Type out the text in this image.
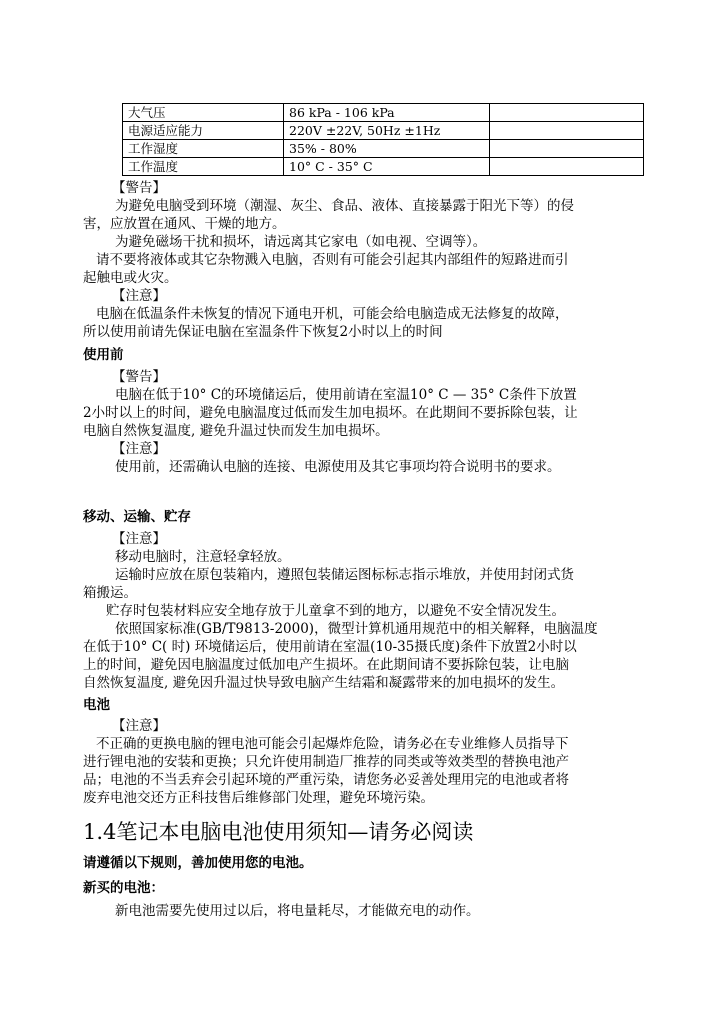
大气压	86 kPa - 106 kPa	
电源适应能力	220V ±22V, 50Hz ±1Hz	
工作湿度	35% - 80%	
工作温度	10° C - 35° C	
【警告】
为避免电脑受到环境（潮湿、灰尘、食品、液体、直接暴露于阳光下等）的侵
害，应放置在通风、干燥的地方。
为避免磁场干扰和损坏，请远离其它家电（如电视、空调等）。
请不要将液体或其它杂物溅入电脑，否则有可能会引起其内部组件的短路进而引
起触电或火灾。
【注意】
电脑在低温条件未恢复的情况下通电开机，可能会给电脑造成无法修复的故障，
所以使用前请先保证电脑在室温条件下恢复2小时以上的时间
使用前
【警告】
电脑在低于10° C的环境储运后，使用前请在室温10° C — 35° C条件下放置
2小时以上的时间，避免电脑温度过低而发生加电损坏。在此期间不要拆除包装，让
电脑自然恢复温度, 避免升温过快而发生加电损坏。
【注意】
使用前，还需确认电脑的连接、电源使用及其它事项均符合说明书的要求。
移动、运输、贮存
【注意】
移动电脑时，注意轻拿轻放。
运输时应放在原包装箱内，遵照包装储运图标标志指示堆放，并使用封闭式货
箱搬运。
贮存时包装材料应安全地存放于儿童拿不到的地方，以避免不安全情况发生。
依照国家标准(GB/T9813-2000)，微型计算机通用规范中的相关解释，电脑温度
在低于10° C( 时) 环境储运后，使用前请在室温(10-35摄氏度)条件下放置2小时以
上的时间，避免因电脑温度过低加电产生损坏。在此期间请不要拆除包装，让电脑
自然恢复温度, 避免因升温过快导致电脑产生结霜和凝露带来的加电损坏的发生。
电池
【注意】
不正确的更换电脑的锂电池可能会引起爆炸危险，请务必在专业维修人员指导下
进行锂电池的安装和更换；只允许使用制造厂推荐的同类或等效类型的替换电池产
品；电池的不当丢弃会引起环境的严重污染，请您务必妥善处理用完的电池或者将
废弃电池交还方正科技售后维修部门处理，避免环境污染。
1.4笔记本电脑电池使用须知—请务必阅读
请遵循以下规则，善加使用您的电池。
新买的电池：
新电池需要先使用过以后，将电量耗尽，才能做充电的动作。
